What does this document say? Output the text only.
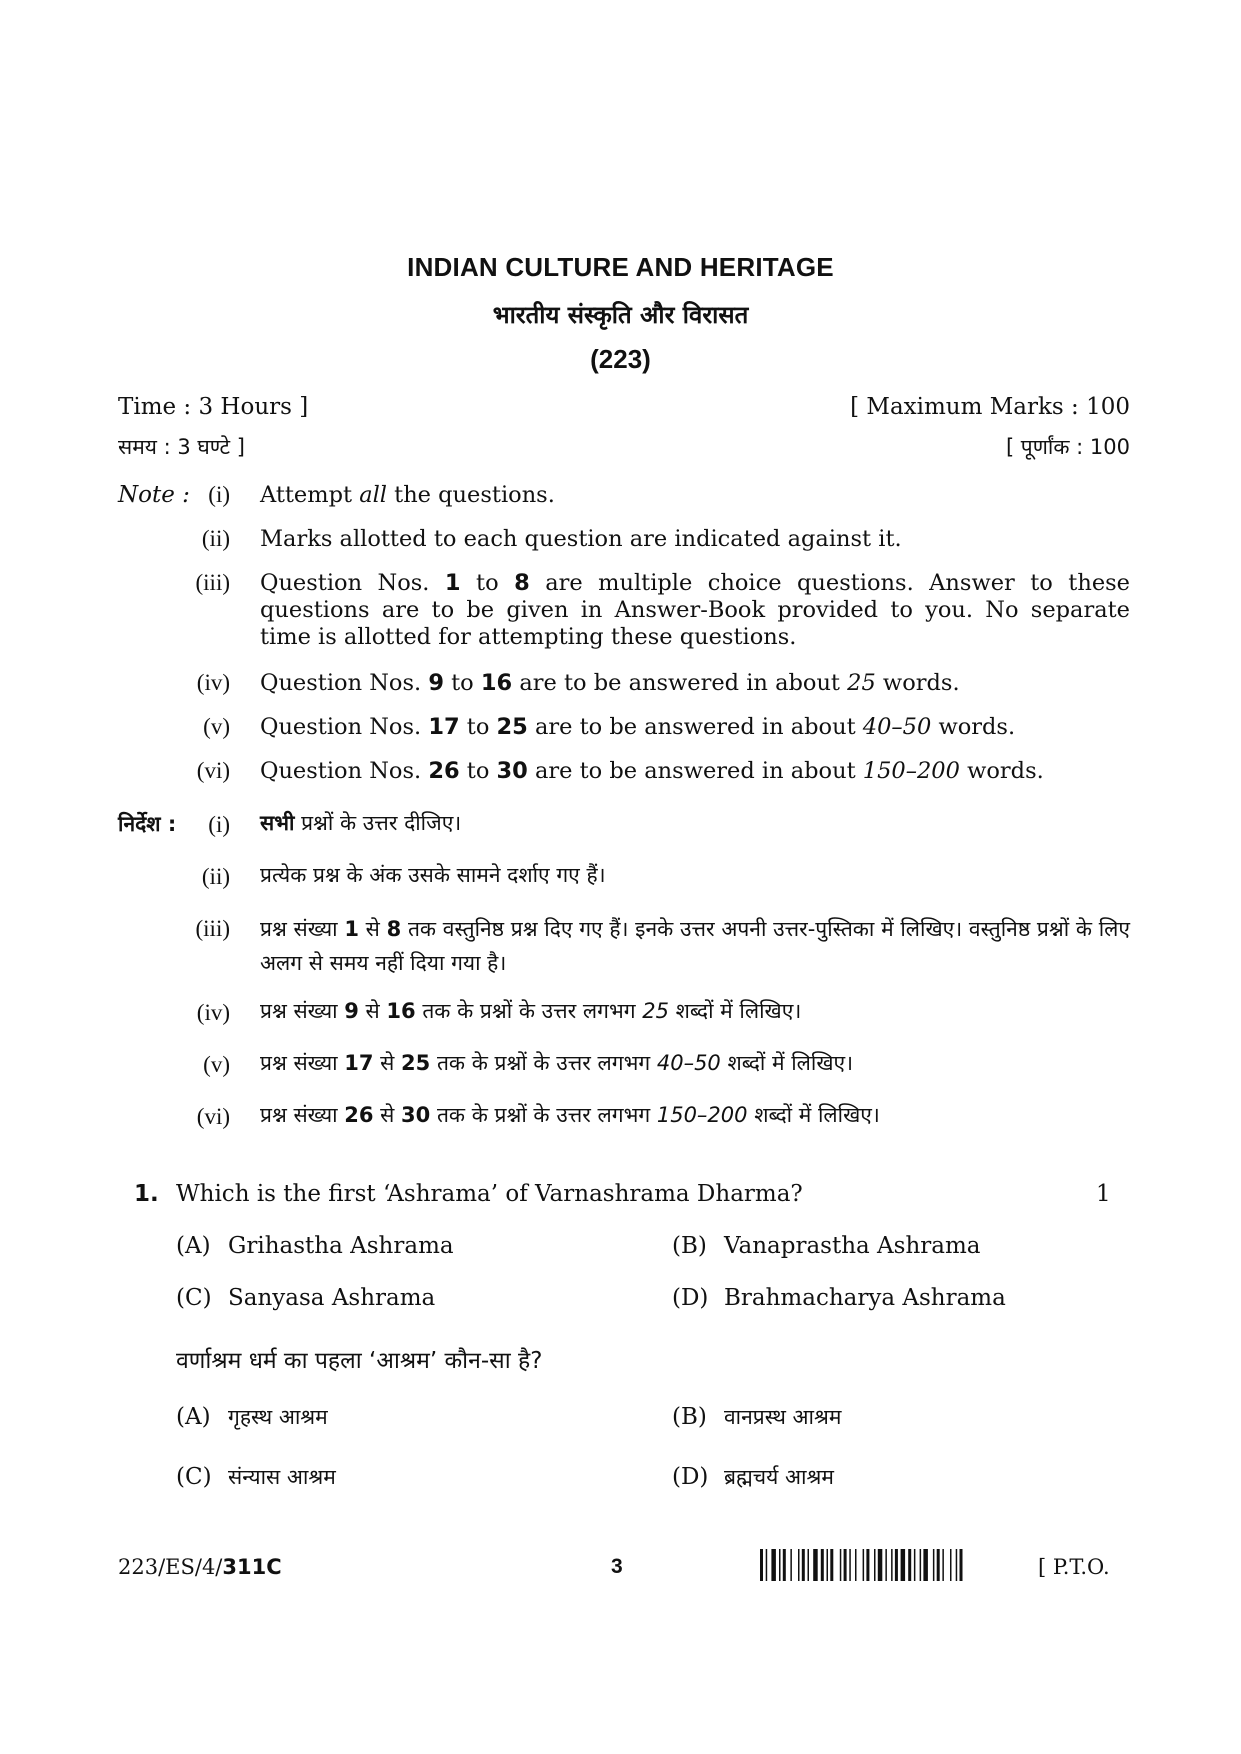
INDIAN CULTURE AND HERITAGE
भारतीय संस्कृति और विरासत
(223)
Time : 3 Hours ]	[ Maximum Marks : 100
समय : 3 घण्टे ]	[ पूर्णांक : 100
Note : (i) Attempt all the questions.
(ii) Marks allotted to each question are indicated against it.
(iii) Question Nos. 1 to 8 are multiple choice questions. Answer to these questions are to be given in Answer-Book provided to you. No separate time is allotted for attempting these questions.
(iv) Question Nos. 9 to 16 are to be answered in about 25 words.
(v) Question Nos. 17 to 25 are to be answered in about 40–50 words.
(vi) Question Nos. 26 to 30 are to be answered in about 150–200 words.
निर्देश :	(i) सभी प्रश्नों के उत्तर दीजिए।
(ii) प्रत्येक प्रश्न के अंक उसके सामने दर्शाए गए हैं।
(iii) प्रश्न संख्या 1 से 8 तक वस्तुनिष्ठ प्रश्न दिए गए हैं। इनके उत्तर अपनी उत्तर-पुस्तिका में लिखिए। वस्तुनिष्ठ प्रश्नों के लिए अलग से समय नहीं दिया गया है।
(iv) प्रश्न संख्या 9 से 16 तक के प्रश्नों के उत्तर लगभग 25 शब्दों में लिखिए।
(v) प्रश्न संख्या 17 से 25 तक के प्रश्नों के उत्तर लगभग 40–50 शब्दों में लिखिए।
(vi) प्रश्न संख्या 26 से 30 तक के प्रश्नों के उत्तर लगभग 150–200 शब्दों में लिखिए।
1. Which is the first ‘Ashrama’ of Varnashrama Dharma?	1
(A) Grihastha Ashrama	(B) Vanaprastha Ashrama
(C) Sanyasa Ashrama	(D) Brahmacharya Ashrama
वर्णाश्रम धर्म का पहला ‘आश्रम’ कौन-सा है?
(A) गृहस्थ आश्रम	(B) वानप्रस्थ आश्रम
(C) संन्यास आश्रम	(D) ब्रह्मचर्य आश्रम
223/ES/4/311C	3	[ P.T.O.
